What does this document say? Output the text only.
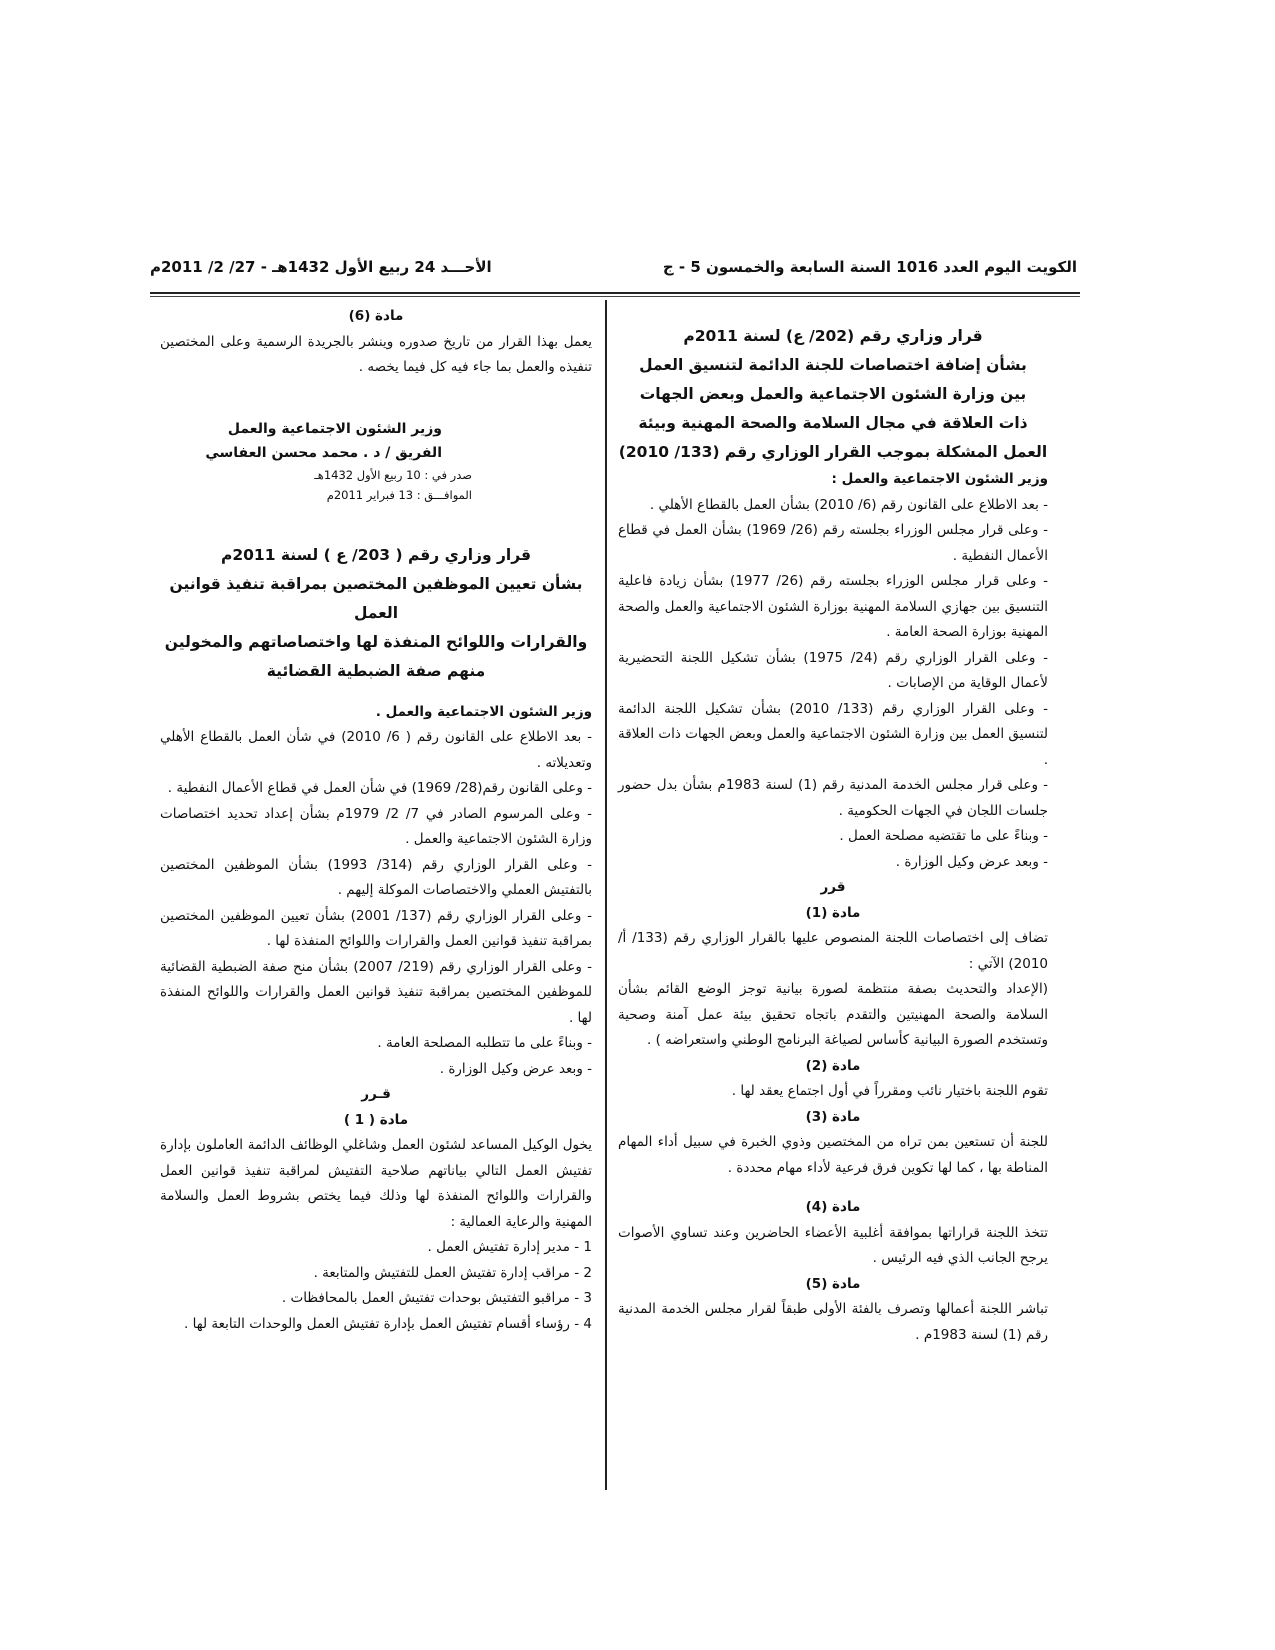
الكويت اليوم العدد 1016 السنة السابعة والخمسون 5 - ج
الأحـــد 24 ربيع الأول 1432هـ - 27/ 2/ 2011م

قرار وزاري رقم (202/ ع) لسنة 2011م

بشأن إضافة اختصاصات للجنة الدائمة لتنسيق العمل

بين وزارة الشئون الاجتماعية والعمل وبعض الجهات

ذات العلاقة في مجال السلامة والصحة المهنية وبيئة

العمل المشكلة بموجب القرار الوزاري رقم (133/ 2010)

وزير الشئون الاجتماعية والعمل :

- بعد الاطلاع على القانون رقم (6/ 2010) بشأن العمل بالقطاع الأهلي .

- وعلى قرار مجلس الوزراء بجلسته رقم (26/ 1969) بشأن العمل في قطاع الأعمال النفطية .

- وعلى قرار مجلس الوزراء بجلسته رقم (26/ 1977) بشأن زيادة فاعلية التنسيق بين جهازي السلامة المهنية بوزارة الشئون الاجتماعية والعمل والصحة المهنية بوزارة الصحة العامة .

- وعلى القرار الوزاري رقم (24/ 1975) بشأن تشكيل اللجنة التحضيرية لأعمال الوقاية من الإصابات .

- وعلى القرار الوزاري رقم (133/ 2010) بشأن تشكيل اللجنة الدائمة لتنسيق العمل بين وزارة الشئون الاجتماعية والعمل وبعض الجهات ذات العلاقة .

- وعلى قرار مجلس الخدمة المدنية رقم (1) لسنة 1983م بشأن بدل حضور جلسات اللجان في الجهات الحكومية .

- وبناءً على ما تقتضيه مصلحة العمل .

- وبعد عرض وكيل الوزارة .

قرر

مادة (1)

تضاف إلى اختصاصات اللجنة المنصوص عليها بالقرار الوزاري رقم (133/ أ/ 2010) الآتي :

(الإعداد والتحديث بصفة منتظمة لصورة بيانية توجز الوضع القائم بشأن السلامة والصحة المهنيتين والتقدم باتجاه تحقيق بيئة عمل آمنة وصحية وتستخدم الصورة البيانية كأساس لصياغة البرنامج الوطني واستعراضه ) .

مادة (2)

تقوم اللجنة باختيار نائب ومقرراً في أول اجتماع يعقد لها .

مادة (3)

للجنة أن تستعين بمن تراه من المختصين وذوي الخبرة في سبيل أداء المهام المناطة بها ، كما لها تكوين فرق فرعية لأداء مهام محددة .

مادة (4)

تتخذ اللجنة قراراتها بموافقة أغلبية الأعضاء الحاضرين وعند تساوي الأصوات يرجح الجانب الذي فيه الرئيس .

مادة (5)

تباشر اللجنة أعمالها وتصرف بالفئة الأولى طبقاً لقرار مجلس الخدمة المدنية رقم (1) لسنة 1983م .

مادة (6)

يعمل بهذا القرار من تاريخ صدوره وينشر بالجريدة الرسمية وعلى المختصين تنفيذه والعمل بما جاء فيه كل فيما يخصه .

وزير الشئون الاجتماعية والعمل

الفريق / د . محمد محسن العفاسي

صدر في : 10 ربيع الأول 1432هـ

الموافـــق : 13 فبراير 2011م

قرار وزاري رقم ( 203/ ع ) لسنة 2011م

بشأن تعيين الموظفين المختصين بمراقبة تنفيذ قوانين العمل

والقرارات واللوائح المنفذة لها واختصاصاتهم والمخولين

منهم صفة الضبطية القضائية

وزير الشئون الاجتماعية والعمل .

- بعد الاطلاع على القانون رقم ( 6/ 2010) في شأن العمل بالقطاع الأهلي وتعديلاته .

- وعلى القانون رقم(28/ 1969) في شأن العمل في قطاع الأعمال النفطية .

- وعلى المرسوم الصادر في 7/ 2/ 1979م بشأن إعداد تحديد اختصاصات وزارة الشئون الاجتماعية والعمل .

- وعلى القرار الوزاري رقم (314/ 1993) بشأن الموظفين المختصين بالتفتيش العملي والاختصاصات الموكلة إليهم .

- وعلى القرار الوزاري رقم (137/ 2001) بشأن تعيين الموظفين المختصين بمراقبة تنفيذ قوانين العمل والقرارات واللوائح المنفذة لها .

- وعلى القرار الوزاري رقم (219/ 2007) بشأن منح صفة الضبطية القضائية للموظفين المختصين بمراقبة تنفيذ قوانين العمل والقرارات واللوائح المنفذة لها .

- وبناءً على ما تتطلبه المصلحة العامة .

- وبعد عرض وكيل الوزارة .

قـرر

مادة ( 1 )

يخول الوكيل المساعد لشئون العمل وشاغلي الوظائف الدائمة العاملون بإدارة تفتيش العمل التالي بياناتهم صلاحية التفتيش لمراقبة تنفيذ قوانين العمل والقرارات واللوائح المنفذة لها وذلك فيما يختص بشروط العمل والسلامة المهنية والرعاية العمالية :

1 - مدير إدارة تفتيش العمل .

2 - مراقب إدارة تفتيش العمل للتفتيش والمتابعة .

3 - مراقبو التفتيش بوحدات تفتيش العمل بالمحافظات .

4 - رؤساء أقسام تفتيش العمل بإدارة تفتيش العمل والوحدات التابعة لها .
